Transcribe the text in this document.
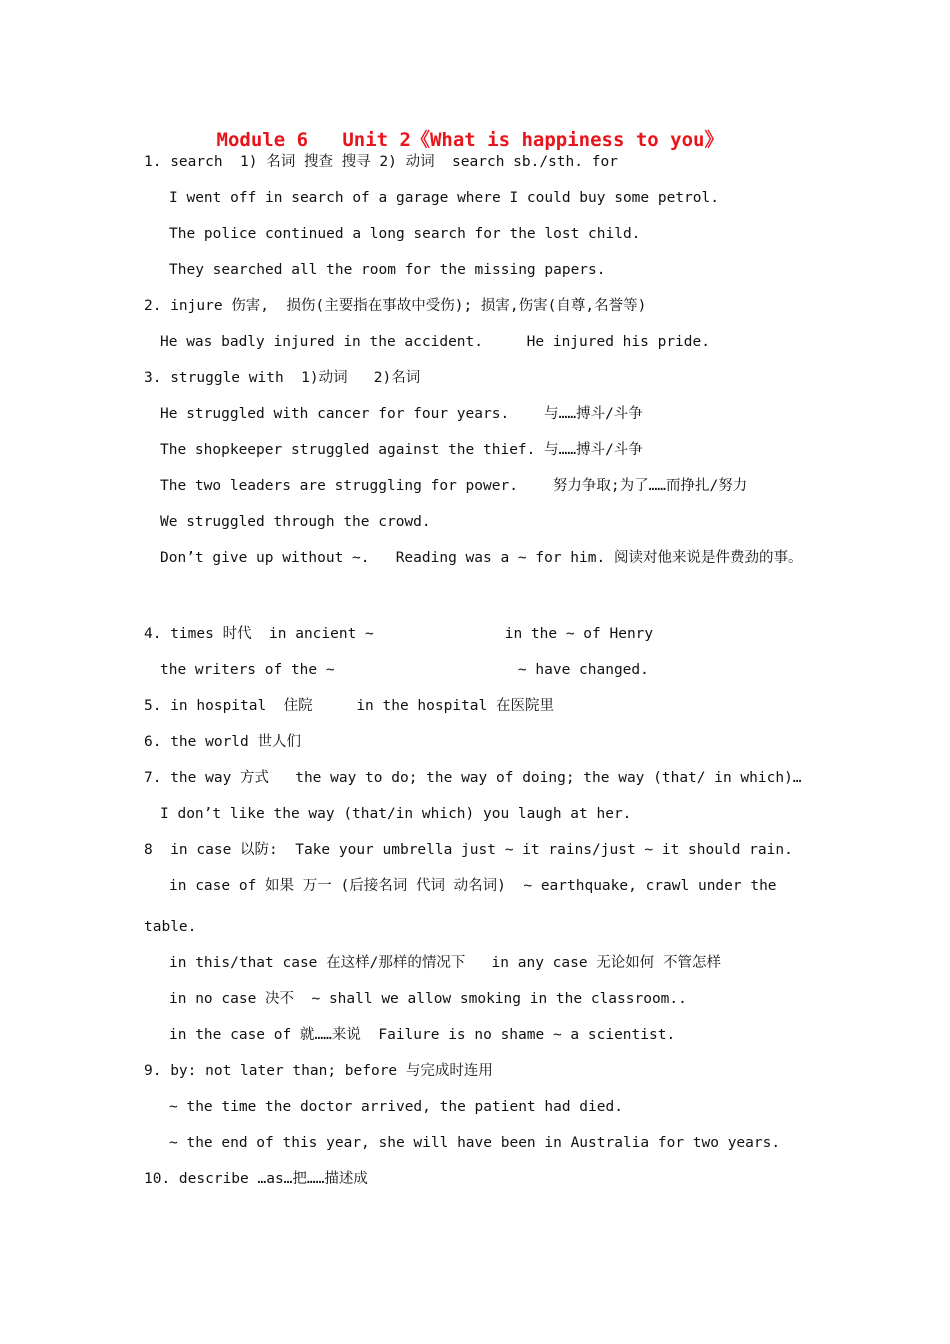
Module 6   Unit 2《What is happiness to you》
1. search  1) 名词 搜查 搜寻 2) 动词  search sb./sth. for
I went off in search of a garage where I could buy some petrol.
The police continued a long search for the lost child.
They searched all the room for the missing papers.
2. injure 伤害,  损伤(主要指在事故中受伤); 损害,伤害(自尊,名誉等)
He was badly injured in the accident.     He injured his pride.
3. struggle with  1)动词   2)名词
He struggled with cancer for four years.    与……搏斗/斗争
The shopkeeper struggled against the thief. 与……搏斗/斗争
The two leaders are struggling for power.    努力争取;为了……而挣扎/努力
We struggled through the crowd.
Don’t give up without ~.   Reading was a ~ for him. 阅读对他来说是件费劲的事。
4. times 时代  in ancient ~               in the ~ of Henry
the writers of the ~                     ~ have changed.
5. in hospital  住院     in the hospital 在医院里
6. the world 世人们
7. the way 方式   the way to do; the way of doing; the way (that/ in which)…
I don’t like the way (that/in which) you laugh at her.
8  in case 以防:  Take your umbrella just ~ it rains/just ~ it should rain.
in case of 如果 万一 (后接名词 代词 动名词)  ~ earthquake, crawl under the
table.
in this/that case 在这样/那样的情况下   in any case 无论如何 不管怎样
in no case 决不  ~ shall we allow smoking in the classroom..
in the case of 就……来说  Failure is no shame ~ a scientist.
9. by: not later than; before 与完成时连用
~ the time the doctor arrived, the patient had died.
~ the end of this year, she will have been in Australia for two years.
10. describe …as…把……描述成
